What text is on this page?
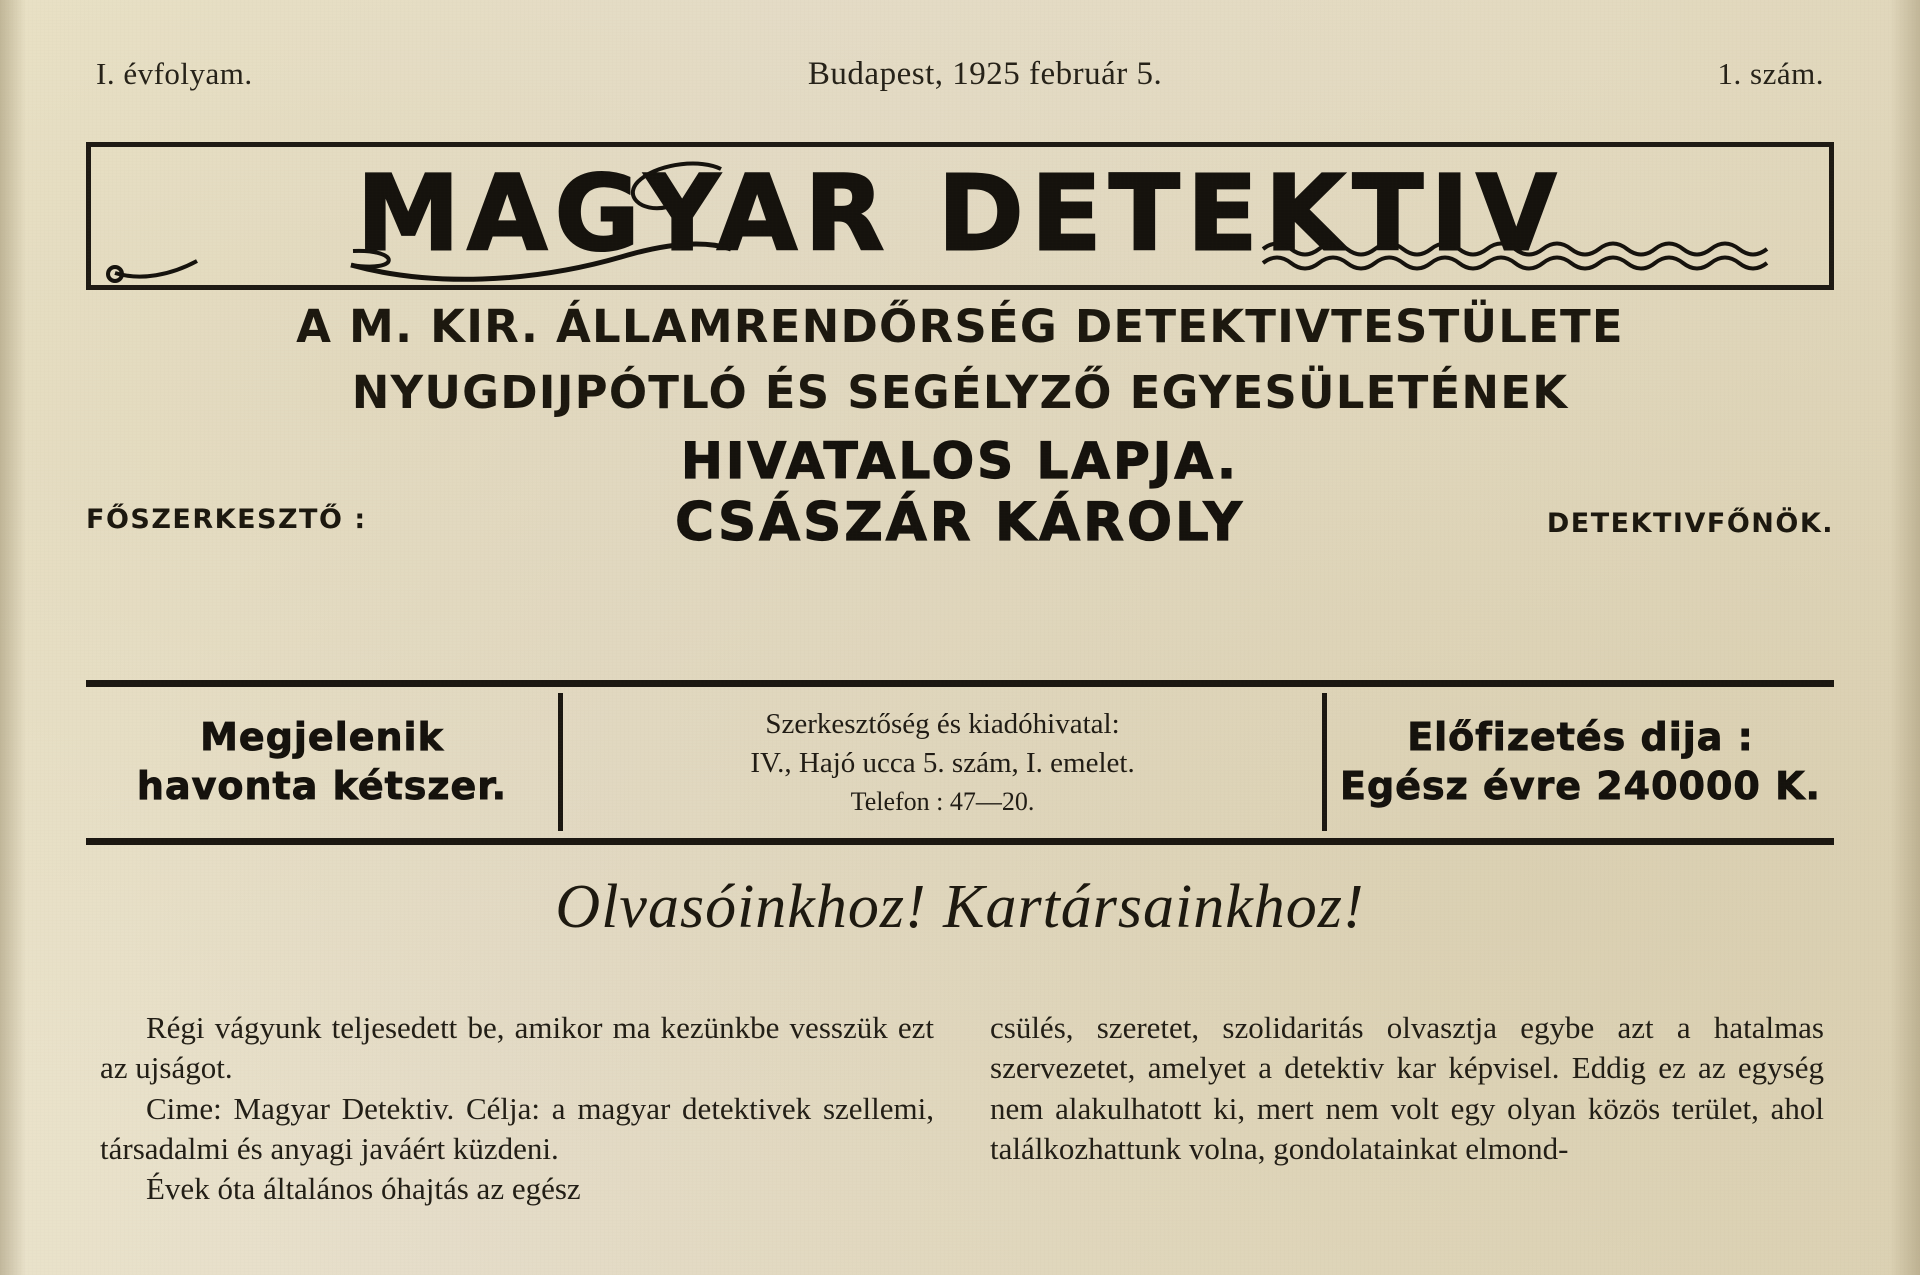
I. évfolyam.	Budapest, 1925 február 5.	1. szám.
MAGYAR DETEKTIV
A M. KIR. ÁLLAMRENDŐRSÉG DETEKTIVTESTÜLETE
NYUGDIJPÓTLÓ ÉS SEGÉLYZŐ EGYESÜLETÉNEK
HIVATALOS LAPJA.
FŐSZERKESZTŐ :	CSÁSZÁR KÁROLY	DETEKTIVFŐNÖK.
Megjelenik
havonta kétszer.
Szerkesztőség és kiadóhivatal:
IV., Hajó ucca 5. szám, I. emelet.
Telefon : 47—20.
Előfizetés dija :
Egész évre 240000 K.
Olvasóinkhoz! Kartársainkhoz!

Régi vágyunk teljesedett be, amikor ma kezünkbe vesszük ezt az ujságot.

Cime: Magyar Detektiv. Célja: a magyar detektivek szellemi, társadalmi és anyagi javáért küzdeni.

Évek óta általános óhajtás az egész

csülés, szeretet, szolidaritás olvasztja egybe azt a hatalmas szervezetet, amelyet a detektiv kar képvisel. Eddig ez az egység nem alakulhatott ki, mert nem volt egy olyan közös terület, ahol találkozhattunk volna, gondolatainkat elmond-
